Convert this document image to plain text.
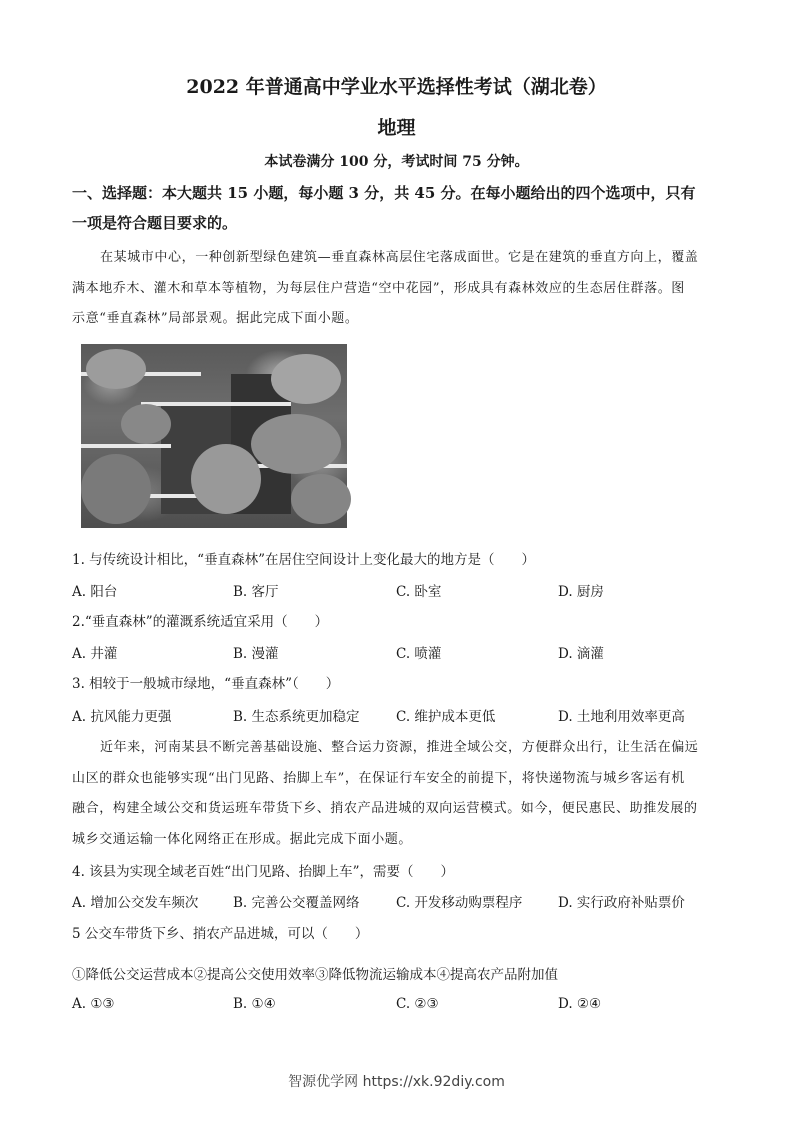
2022 年普通高中学业水平选择性考试（湖北卷）
地理
本试卷满分 100 分，考试时间 75 分钟。
一、选择题：本大题共 15 小题，每小题 3 分，共 45 分。在每小题给出的四个选项中，只有
一项是符合题目要求的。
在某城市中心，一种创新型绿色建筑—垂直森林高层住宅落成面世。它是在建筑的垂直方向上，覆盖
满本地乔木、灌木和草本等植物，为每层住户营造“空中花园”，形成具有森林效应的生态居住群落。图
示意“垂直森林”局部景观。据此完成下面小题。
1. 与传统设计相比，“垂直森林”在居住空间设计上变化最大的地方是（　　）
A. 阳台	B. 客厅	C. 卧室	D. 厨房
2.“垂直森林”的灌溉系统适宜采用（　　）
A. 井灌	B. 漫灌	C. 喷灌	D. 滴灌
3. 相较于一般城市绿地，“垂直森林”（　　）
A. 抗风能力更强	B. 生态系统更加稳定	C. 维护成本更低	D. 土地利用效率更高
近年来，河南某县不断完善基础设施、整合运力资源，推进全域公交，方便群众出行，让生活在偏远
山区的群众也能够实现“出门见路、抬脚上车”，在保证行车安全的前提下，将快递物流与城乡客运有机
融合，构建全域公交和货运班车带货下乡、捎农产品进城的双向运营模式。如今，便民惠民、助推发展的
城乡交通运输一体化网络正在形成。据此完成下面小题。
4. 该县为实现全域老百姓“出门见路、抬脚上车”，需要（　　）
A. 增加公交发车频次	B. 完善公交覆盖网络	C. 开发移动购票程序	D. 实行政府补贴票价
5 公交车带货下乡、捎农产品进城，可以（　　）
①降低公交运营成本②提高公交使用效率③降低物流运输成本④提高农产品附加值
A. ①③	B. ①④	C. ②③	D. ②④
智源优学网 https://xk.92diy.com
